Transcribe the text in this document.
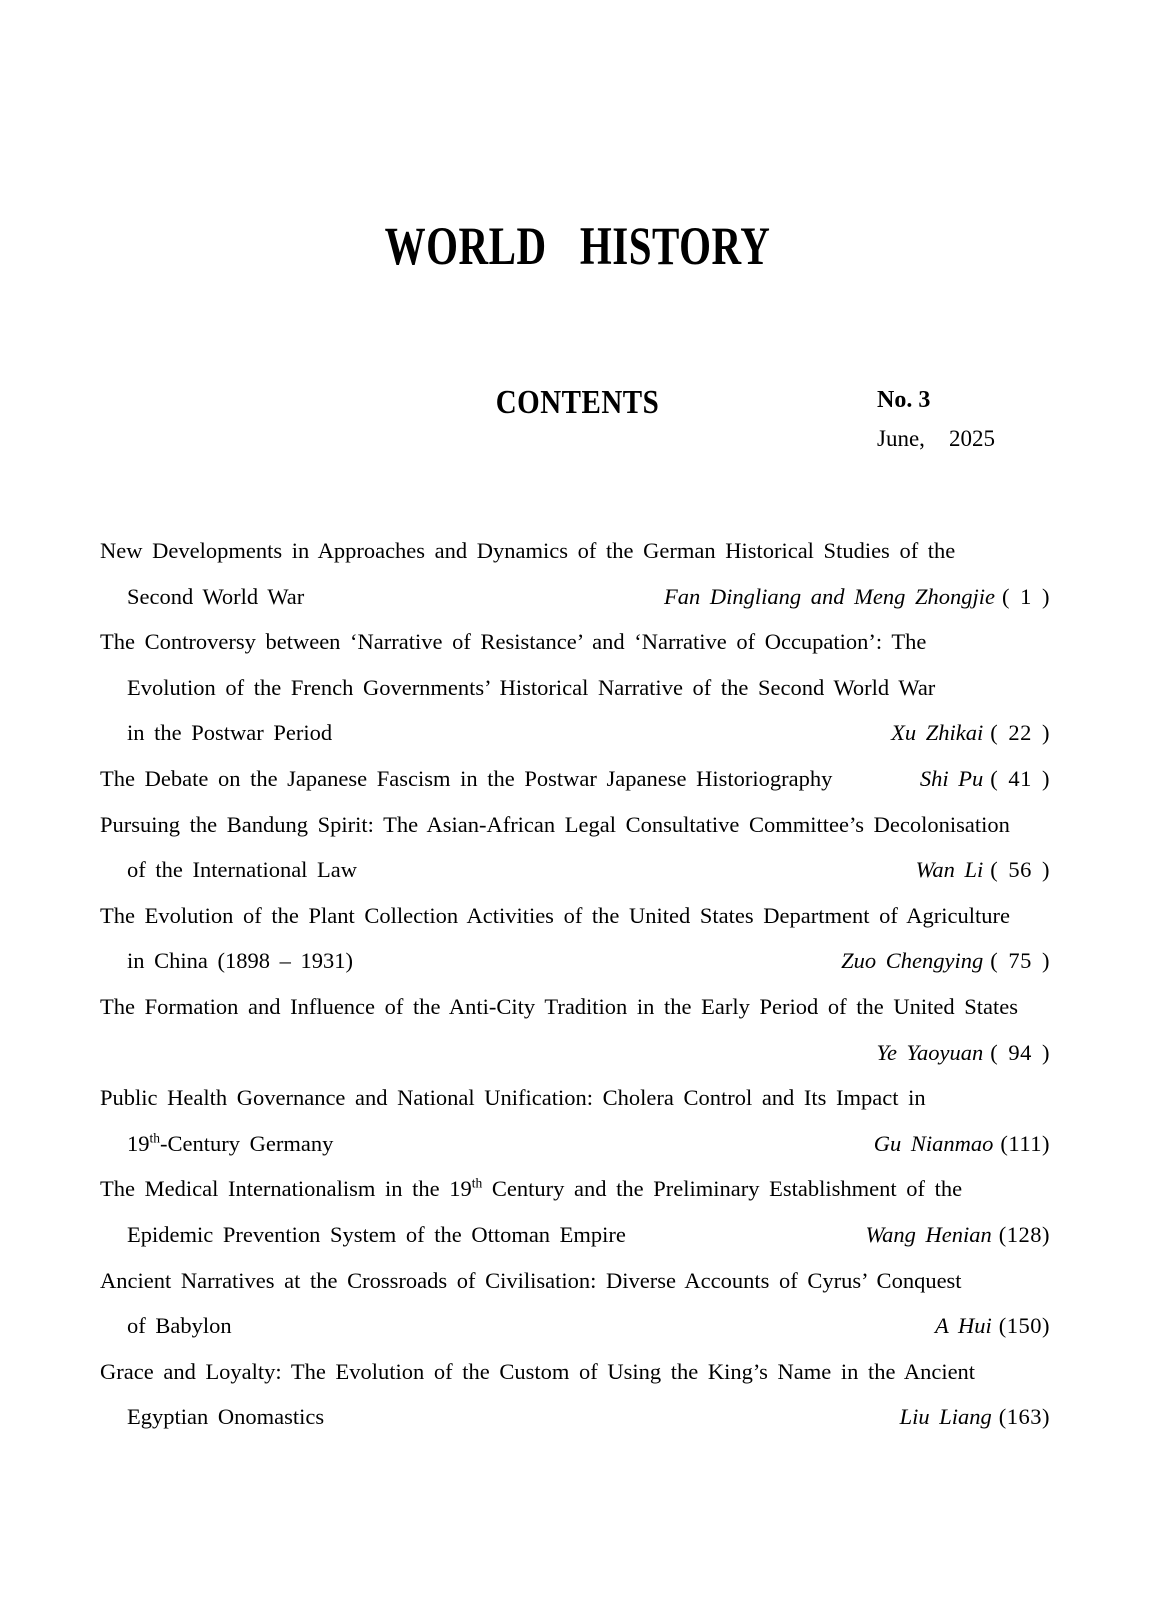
WORLD HISTORY
CONTENTS	No. 3
June, 2025
New Developments in Approaches and Dynamics of the German Historical Studies of the
Second World War	Fan Dingliang and Meng Zhongjie ( 1 )
The Controversy between ‘Narrative of Resistance’ and ‘Narrative of Occupation’: The
Evolution of the French Governments’ Historical Narrative of the Second World War
in the Postwar Period	Xu Zhikai ( 22 )
The Debate on the Japanese Fascism in the Postwar Japanese Historiography	Shi Pu ( 41 )
Pursuing the Bandung Spirit: The Asian-African Legal Consultative Committee’s Decolonisation
of the International Law	Wan Li ( 56 )
The Evolution of the Plant Collection Activities of the United States Department of Agriculture
in China (1898 – 1931)	Zuo Chengying ( 75 )
The Formation and Influence of the Anti-City Tradition in the Early Period of the United States
Ye Yaoyuan ( 94 )
Public Health Governance and National Unification: Cholera Control and Its Impact in
19th-Century Germany	Gu Nianmao (111)
The Medical Internationalism in the 19th Century and the Preliminary Establishment of the
Epidemic Prevention System of the Ottoman Empire	Wang Henian (128)
Ancient Narratives at the Crossroads of Civilisation: Diverse Accounts of Cyrus’ Conquest
of Babylon	A Hui (150)
Grace and Loyalty: The Evolution of the Custom of Using the King’s Name in the Ancient
Egyptian Onomastics	Liu Liang (163)
